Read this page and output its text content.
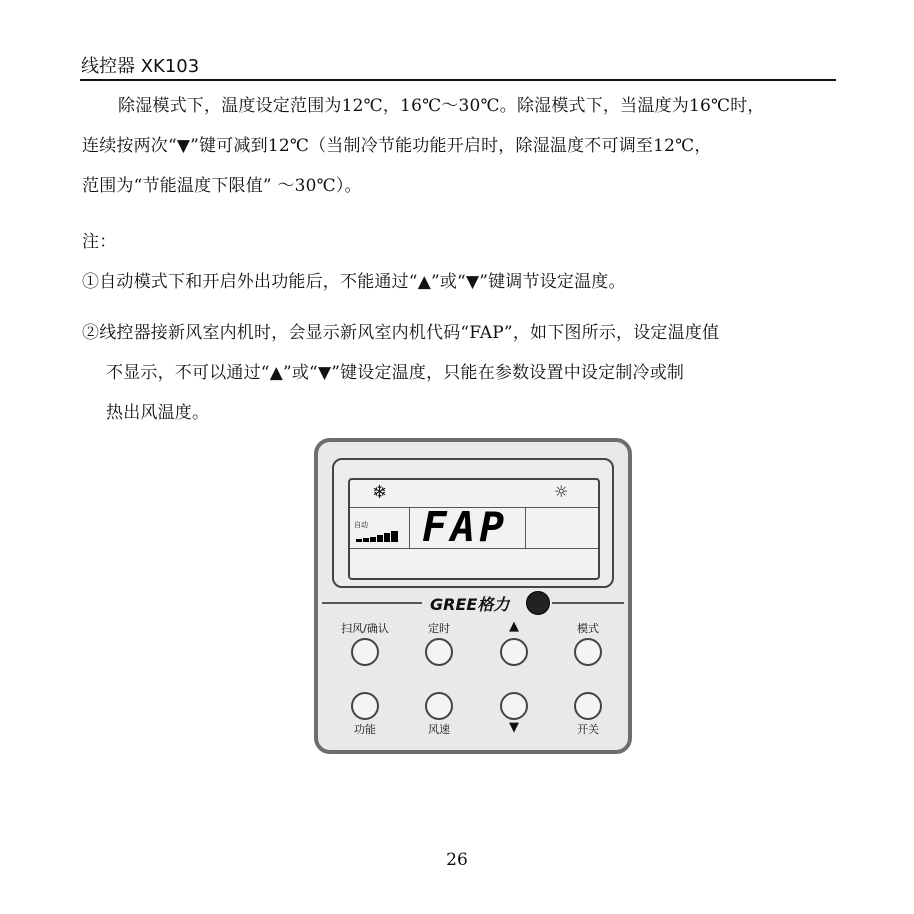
线控器 XK103
除湿模式下，温度设定范围为12℃，16℃～30℃。除湿模式下，当温度为16℃时，
连续按两次“▼”键可减到12℃（当制冷节能功能开启时，除湿温度不可调至12℃，
范围为“节能温度下限值” ～30℃）。
注：
①自动模式下和开启外出功能后，不能通过“▲”或“▼”键调节设定温度。
②线控器接新风室内机时，会显示新风室内机代码“FAP”，如下图所示，设定温度值
不显示，不可以通过“▲”或“▼”键设定温度，只能在参数设置中设定制冷或制
热出风温度。
❄	☼
自动 FAP
GREE格力
扫风/确认	定时	▲	模式
功能	风速	▼	开关
26
